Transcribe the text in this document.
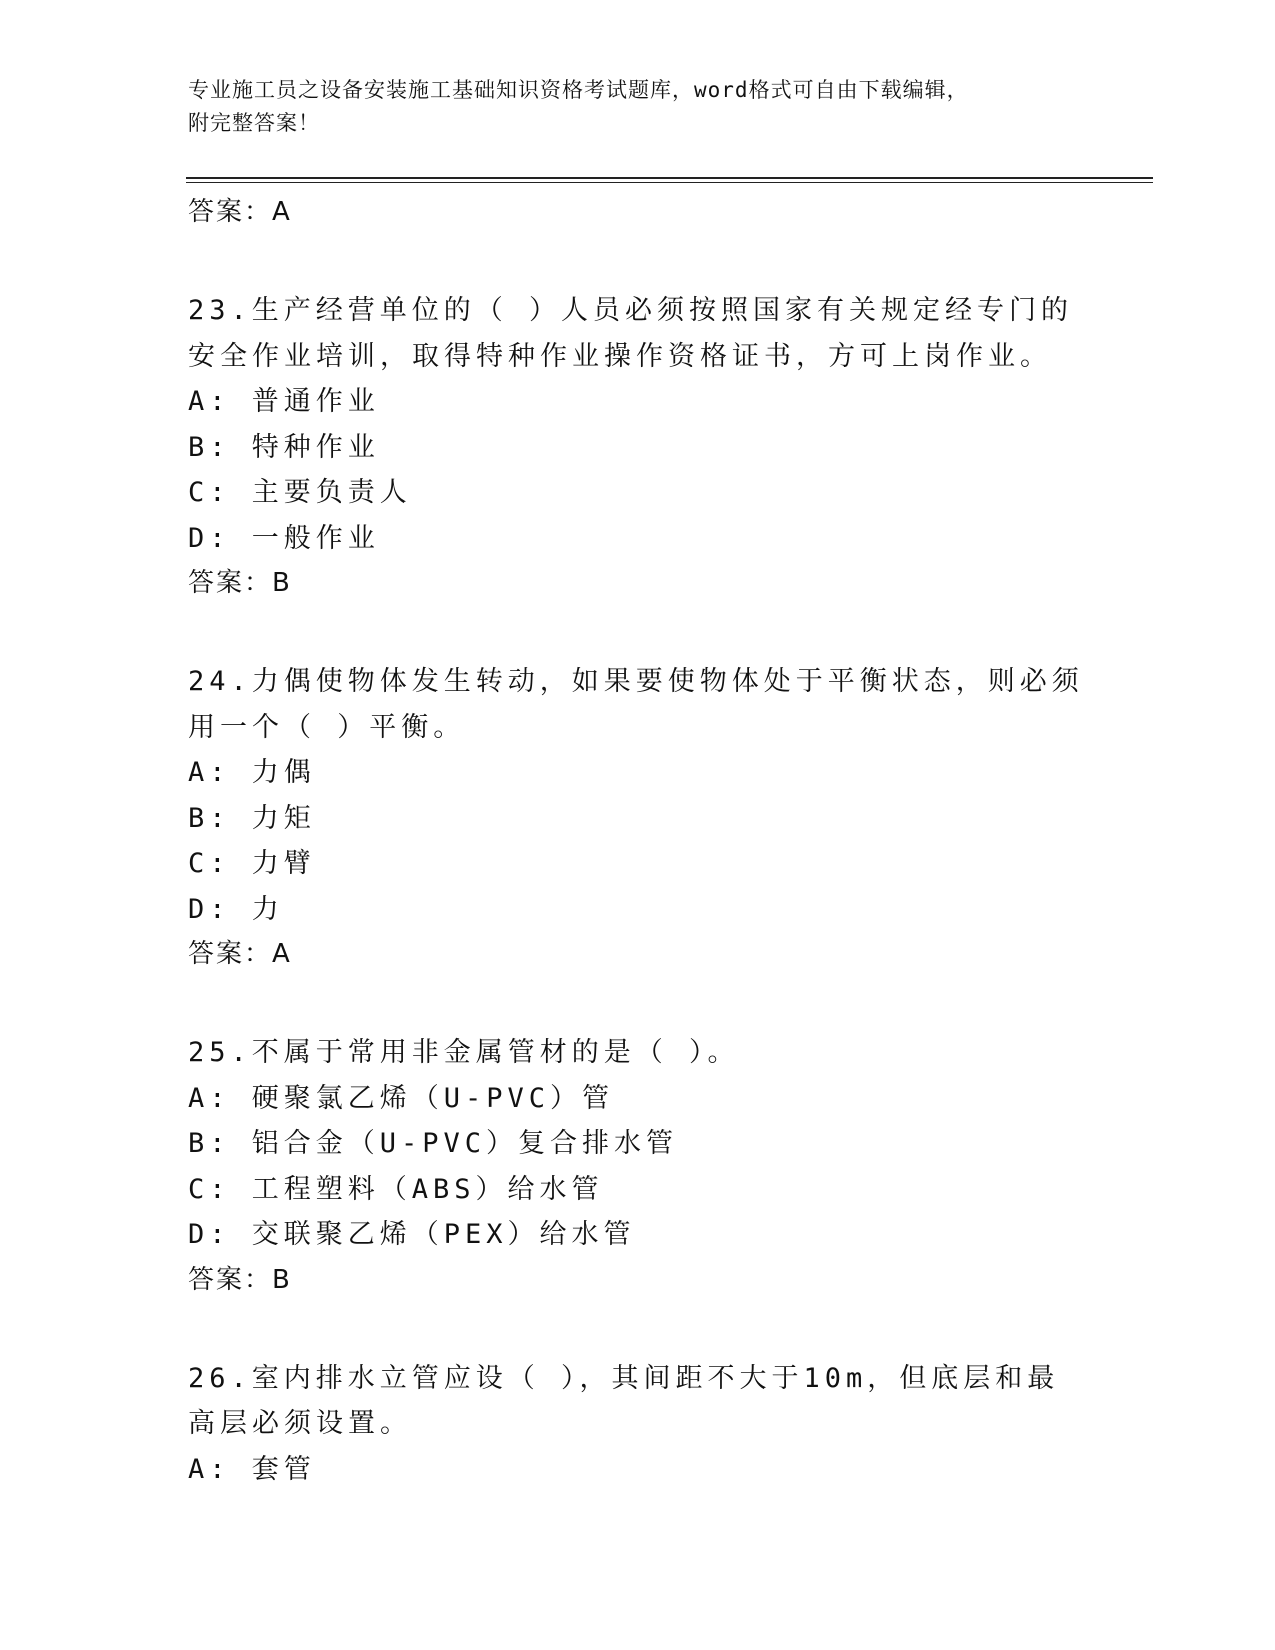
专业施工员之设备安装施工基础知识资格考试题库，word格式可自由下载编辑，
附完整答案！
答案：A
23.生产经营单位的（ ）人员必须按照国家有关规定经专门的安全作业培训，取得特种作业操作资格证书，方可上岗作业。
A: 普通作业
B: 特种作业
C: 主要负责人
D: 一般作业
答案：B
24.力偶使物体发生转动，如果要使物体处于平衡状态，则必须用一个（ ）平衡。
A: 力偶
B: 力矩
C: 力臂
D: 力
答案：A
25.不属于常用非金属管材的是（ ）。
A: 硬聚氯乙烯（U-PVC）管
B: 铝合金（U-PVC）复合排水管
C: 工程塑料（ABS）给水管
D: 交联聚乙烯（PEX）给水管
答案：B
26.室内排水立管应设（ ），其间距不大于10m，但底层和最高层必须设置。
A: 套管
